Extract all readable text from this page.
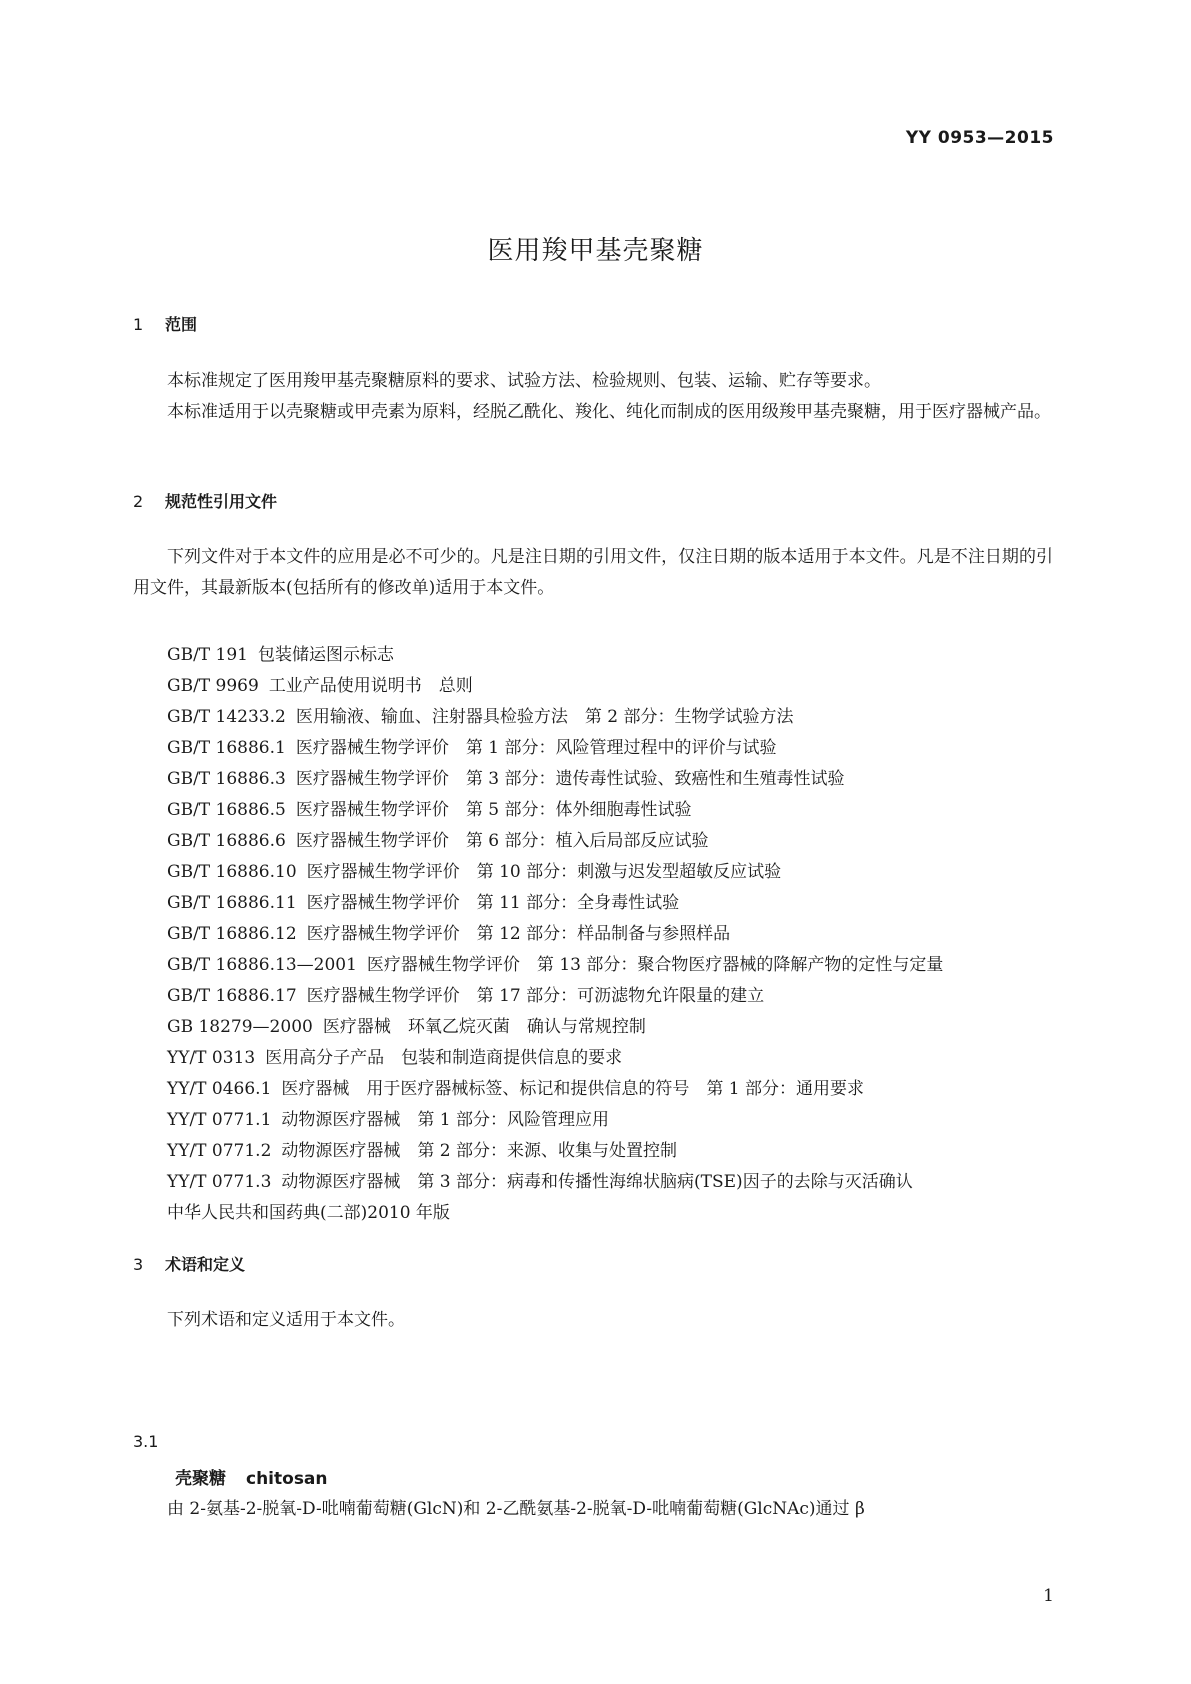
YY 0953—2015
医用羧甲基壳聚糖
1 范围

本标准规定了医用羧甲基壳聚糖原料的要求、试验方法、检验规则、包装、运输、贮存等要求。

本标准适用于以壳聚糖或甲壳素为原料，经脱乙酰化、羧化、纯化而制成的医用级羧甲基壳聚糖，用于医疗器械产品。

2 规范性引用文件

下列文件对于本文件的应用是必不可少的。凡是注日期的引用文件，仅注日期的版本适用于本文件。凡是不注日期的引用文件，其最新版本(包括所有的修改单)适用于本文件。

GB/T 191 包装储运图示标志
GB/T 9969 工业产品使用说明书　总则
GB/T 14233.2 医用输液、输血、注射器具检验方法　第 2 部分：生物学试验方法
GB/T 16886.1 医疗器械生物学评价　第 1 部分：风险管理过程中的评价与试验
GB/T 16886.3 医疗器械生物学评价　第 3 部分：遗传毒性试验、致癌性和生殖毒性试验
GB/T 16886.5 医疗器械生物学评价　第 5 部分：体外细胞毒性试验
GB/T 16886.6 医疗器械生物学评价　第 6 部分：植入后局部反应试验
GB/T 16886.10 医疗器械生物学评价　第 10 部分：刺激与迟发型超敏反应试验
GB/T 16886.11 医疗器械生物学评价　第 11 部分：全身毒性试验
GB/T 16886.12 医疗器械生物学评价　第 12 部分：样品制备与参照样品
GB/T 16886.13—2001 医疗器械生物学评价　第 13 部分：聚合物医疗器械的降解产物的定性与定量
GB/T 16886.17 医疗器械生物学评价　第 17 部分：可沥滤物允许限量的建立
GB 18279—2000 医疗器械　环氧乙烷灭菌　确认与常规控制
YY/T 0313 医用高分子产品　包装和制造商提供信息的要求
YY/T 0466.1 医疗器械　用于医疗器械标签、标记和提供信息的符号　第 1 部分：通用要求
YY/T 0771.1 动物源医疗器械　第 1 部分：风险管理应用
YY/T 0771.2 动物源医疗器械　第 2 部分：来源、收集与处置控制
YY/T 0771.3 动物源医疗器械　第 3 部分：病毒和传播性海绵状脑病(TSE)因子的去除与灭活确认
中华人民共和国药典(二部)2010 年版
3 术语和定义

下列术语和定义适用于本文件。

3.1

壳聚糖 chitosan

由 2-氨基-2-脱氧-D-吡喃葡萄糖(GlcN)和 2-乙酰氨基-2-脱氧-D-吡喃葡萄糖(GlcNAc)通过 β

1
